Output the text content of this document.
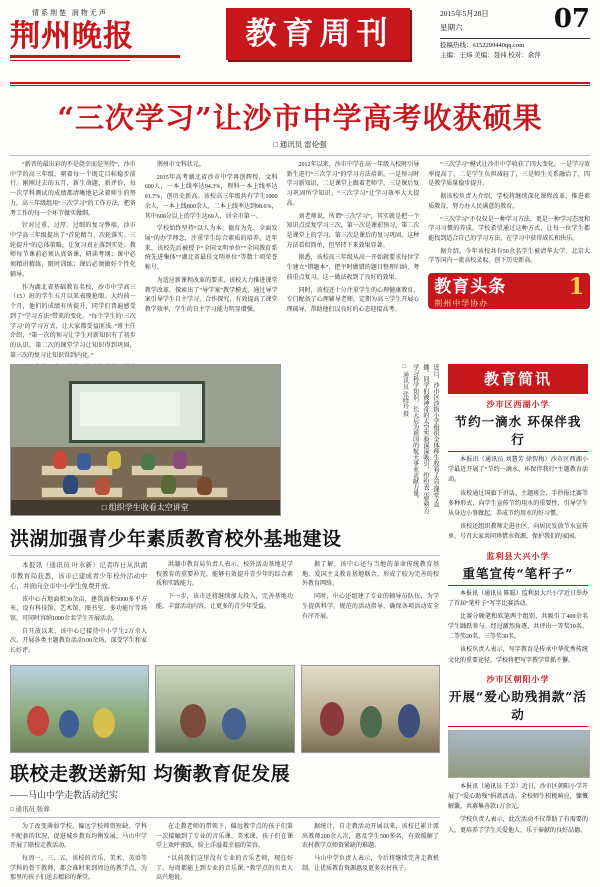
情系荆楚 润物无声
荆州晚报	教育周刊
2015年5月28日
星期六	07
投稿热线：6152299440qq.com
主编：王炜 美编：聂祎 校对：余萍
“三次学习”让沙市中学高考收获硕果
□ 通讯员 雷伦强

“新晋的最出彩的不是侥幸而是坚持”，沙市中学的高三年级，朝着每一个既定目标稳步前行。刚刚过去的五月，新生命题、新评价，每一次学科测试的成绩都清晰地记录着师生的努力，高三年级组用“三次学习”的工作方法，把备考工作的每一个环节做实做细。

针对过重、过厚、过细的复习弊端，沙市中学高三年级提出了“首轮精当、次轮落实、三轮提升”的总体策略，让复习真正落到实处。教师每节课前必须认真备课，研读考纲；课中必须精讲精练，限时训练；课后必须做好个性化辅导。

作为湖北省基础教育名校，沙市中学高三（15）班的学生五月以来表现抢眼。大约前一个月，他们的成绩有所提升，同学们普遍感受到了“学习方法”带来的变化。“每个学生的‘三次学习’的学习方式，让大家都受益匪浅。”班主任介绍，“第一次的预习让学生对新知识有了初步的认识，第二次的课堂学习让知识得到巩固，第三次的复习让知识得到内化。”

荆州市文科状元。

2015年高考湖北省沙市中学再创辉煌，文科600人，一本上线率达94.3%，理科一本上线率达91.7%，创历史新高。该校高三年级共有学生1000余人，一本上线800余人，二本上线率达到98.6%，其中600分以上的学生达69人，居全市第一。

学校始终坚持“以人为本、德育为先、全面发展”的办学理念，注重学生综合素质的培养。近年来，该校先后被授予“全国文明单位”“全国教育系统先进集体”“湖北省最佳文明单位”等数十项荣誉称号。

为适应新课程改革的要求，该校大力推进课堂教学改革，探索出了“导学案”教学模式，通过导学案引导学生自主学习、合作探究，有效提高了课堂教学效率，学生的自主学习能力明显增强。

2012年以来，沙市中学在高一年级入校时引导新生进行“三次学习”的学习方法培训。一是预习时学习新知识，二是课堂上跟着老师学，三是课后复习巩固所学知识。“三次学习”让学习效率大大提高。

刘老师说，所谓“三次学习”，其实就是把一个知识点反复学习三次，第一次是课前预习，第二次是课堂上的学习，第三次是课后的复习巩固。这种方法看似简单，但坚持下来效果显著。

据悉，该校高三年级从高一开始就要求每位学生建立“错题本”，把平时做错的题目整理归纳，考前重点复习。这一做法收到了良好的效果。

同时，该校还十分注重学生的心理健康教育，专门配备了心理辅导老师，定期为高三学生开展心理疏导，帮助他们以良好的心态迎接高考。

“三次学习”模式让沙市中学收获了四大变化。一是学习效率提高了，二是学生负担减轻了，三是师生关系融洽了，四是教学质量稳步提升。

据该校负责人介绍，学校将继续深化课程改革，推进素质教育，努力办人民满意的教育。

“三次学习”不仅仅是一种学习方法，更是一种学习态度和学习习惯的养成。学校希望通过这种方式，让每一位学生都能找到适合自己的学习方法，在学习中获得成长和快乐。

据介绍，今年该校共有50余名学生被清华大学、北京大学等国内一流高校录取，创下历史新高。

教育头条
荆州中学协办
1
□ 组织学生收看太空讲堂

近日，沙市区沙街小学组织全体师生收看“太空课堂”直播。同学们被神奇的太空实验深深吸引，纷纷表示要努力学习科学知识，长大后为祖国的航天事业贡献力量。

□ 通讯员 张晓玲 摄

洪湖加强青少年素质教育校外基地建设

本报讯（通讯员 叶水新）记者昨日从洪湖市教育局获悉，该市已建成青少年校外活动中心，并面向全市中小学生免费开放。

该中心占地面积30余亩，建筑面积5000多平方米，设有科技馆、艺术馆、图书室、多功能厅等场馆，可同时容纳1000余名学生开展活动。

自开放以来，该中心已接待中小学生2万余人次，开展各类主题教育活动100余场，深受学生和家长好评。

洪湖市教育局负责人表示，校外活动基地是学校教育的重要补充，能够有效提升青少年的综合素质和实践能力。

下一步，该市还将继续加大投入，完善基地功能，丰富活动内容，让更多的青少年受益。

据了解，该中心还与当地的革命传统教育基地、爱国主义教育基地联合，形成了较为完善的校外教育网络。

同时，中心还组建了专业的辅导员队伍，为学生提供科学、规范的活动指导，确保各项活动安全有序开展。

联校走教送新知 均衡教育促发展
——马山中学走教活动纪实
□ 通讯员 张蓉

为了改变薄弱学校、偏远学校师资短缺、学科不配套的状况，促进城乡教育均衡发展，马山中学开展了联校走教活动。

每周一、三、五，该校的音乐、美术、英语等学科的骨干教师，都会准时来到周边的教学点，为那里的孩子们送去精彩的课堂。

在走教老师的带领下，偏远教学点的孩子们第一次接触到了专业的音乐课、美术课。孩子们在课堂上欢呼雀跃，脸上洋溢着幸福的笑容。

“以前我们这里没有专业的音乐老师，现在好了，每周都能上到专业的音乐课。”教学点的负责人高兴地说。

据统计，自走教活动开展以来，该校已累计派出教师200余人次，惠及学生500多名，有效缓解了农村教学点师资紧缺的难题。

马山中学负责人表示，今后将继续完善走教机制，让优质教育资源惠及更多农村孩子。

教育简讯
沙市区西湖小学
节约一滴水 环保伴我行

本报讯（通讯员 刘慧芳 徐智梅）沙市区西湖小学最近开展了“节约一滴水、环保伴我行”主题教育活动。

该校通过国旗下讲话、主题班会、手抄报比赛等多种形式，向学生宣传节约用水的重要性，引导学生从身边小事做起，养成节约用水的好习惯。

该校还组织教师走进社区，向居民发放节水宣传单，号召大家共同珍惜水资源，保护我们的家园。

监利县大兴小学
重笔宣传“笔杆子”

本报讯（通讯员 陈聪）监利县大兴小学近日举办了首届“笔杆子”写字比赛活动。

比赛分硬笔和软笔两个组别，共吸引了400余名学生踊跃参与。经过激烈角逐，共评出一等奖10名、二等奖20名、三等奖30名。

该校负责人表示，写字教育是传承中华优秀传统文化的重要途径，学校将把写字教学常抓不懈。

沙市区朝阳小学
开展“爱心助残捐款”活动

本报讯（通讯员 王芳）近日，沙市区朝阳小学开展了“爱心助残”捐款活动。全校师生积极响应，慷慨解囊，共募集善款1万余元。

学校负责人表示，此次活动不仅帮助了有需要的人，更培养了学生关爱他人、乐于奉献的良好品德。
